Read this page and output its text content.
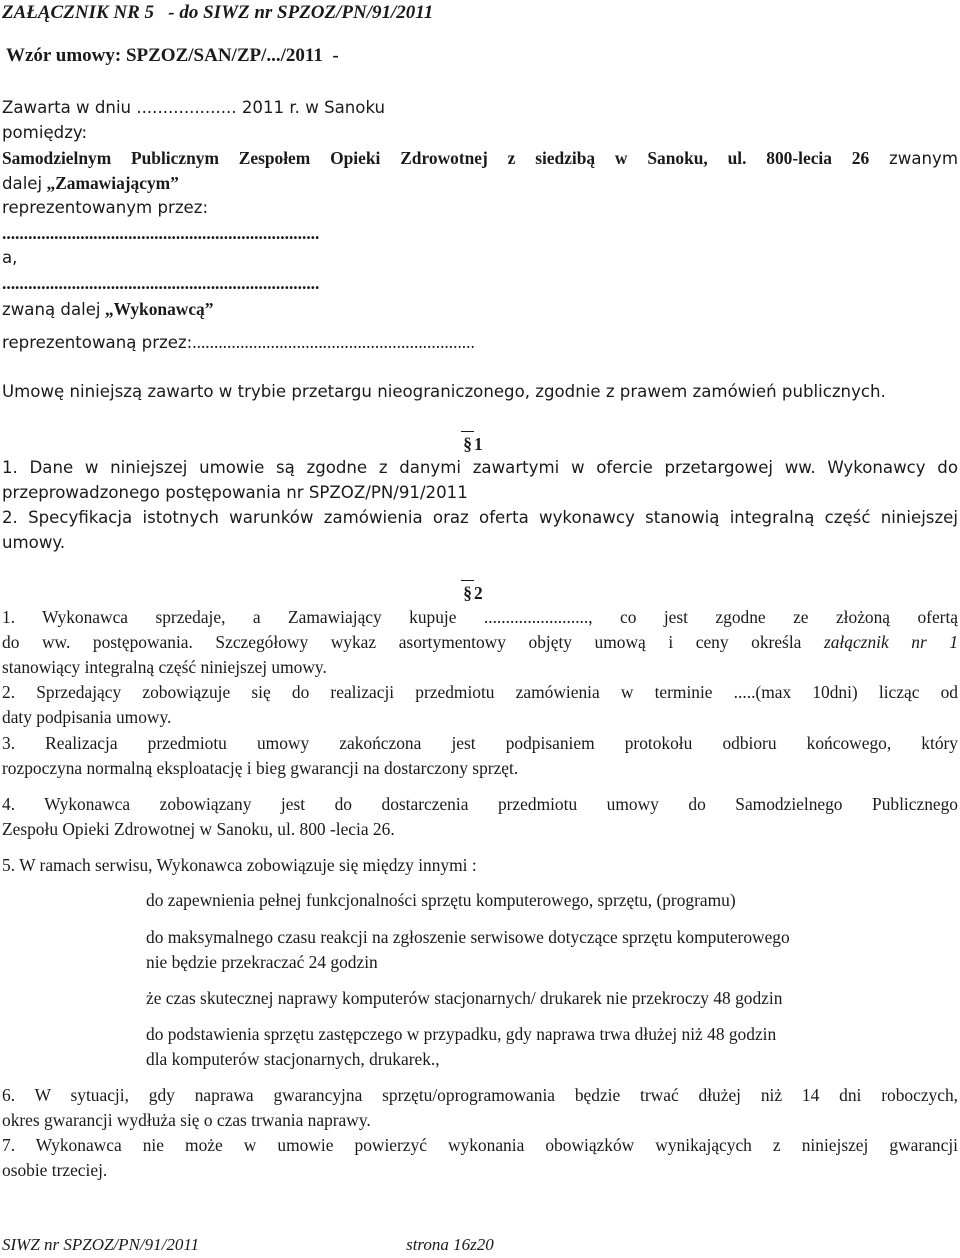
ZAŁĄCZNIK NR 5 - do SIWZ nr SPZOZ/PN/91/2011
Wzór umowy: SPZOZ/SAN/ZP/.../2011 -
Zawarta w dniu ................... 2011 r. w Sanoku
pomiędzy:
Samodzielnym Publicznym Zespołem Opieki Zdrowotnej z siedzibą w Sanoku, ul. 800-lecia 26 zwanym
dalej „Zamawiającym”
reprezentowanym przez:
.........................................................................
a,
.........................................................................
zwaną dalej „Wykonawcą”
reprezentowaną przez:.................................................................
Umowę niniejszą zawarto w trybie przetargu nieograniczonego, zgodnie z prawem zamówień publicznych.
§ 1
1. Dane w niniejszej umowie są zgodne z danymi zawartymi w ofercie przetargowej ww. Wykonawcy do
przeprowadzonego postępowania nr SPZOZ/PN/91/2011
2. Specyfikacja istotnych warunków zamówienia oraz oferta wykonawcy stanowią integralną część niniejszej
umowy.
§ 2
1. Wykonawca sprzedaje, a Zamawiający kupuje ........................, co jest zgodne ze złożoną ofertą
do ww. postępowania. Szczegółowy wykaz asortymentowy objęty umową i ceny określa załącznik nr 1
stanowiący integralną część niniejszej umowy.
2. Sprzedający zobowiązuje się do realizacji przedmiotu zamówienia w terminie .....(max 10dni) licząc od
daty podpisania umowy.
3. Realizacja przedmiotu umowy zakończona jest podpisaniem protokołu odbioru końcowego, który
rozpoczyna normalną eksploatację i bieg gwarancji na dostarczony sprzęt.
4. Wykonawca zobowiązany jest do dostarczenia przedmiotu umowy do Samodzielnego Publicznego
Zespołu Opieki Zdrowotnej w Sanoku, ul. 800 -lecia 26.
5. W ramach serwisu, Wykonawca zobowiązuje się między innymi :
do zapewnienia pełnej funkcjonalności sprzętu komputerowego, sprzętu, (programu)
do maksymalnego czasu reakcji na zgłoszenie serwisowe dotyczące sprzętu komputerowego
nie będzie przekraczać 24 godzin
że czas skutecznej naprawy komputerów stacjonarnych/ drukarek nie przekroczy 48 godzin
do podstawienia sprzętu zastępczego w przypadku, gdy naprawa trwa dłużej niż 48 godzin
dla komputerów stacjonarnych, drukarek.,
6. W sytuacji, gdy naprawa gwarancyjna sprzętu/oprogramowania będzie trwać dłużej niż 14 dni roboczych,
okres gwarancji wydłuża się o czas trwania naprawy.
7. Wykonawca nie może w umowie powierzyć wykonania obowiązków wynikających z niniejszej gwarancji
osobie trzeciej.
SIWZ nr SPZOZ/PN/91/2011	strona 16z20
